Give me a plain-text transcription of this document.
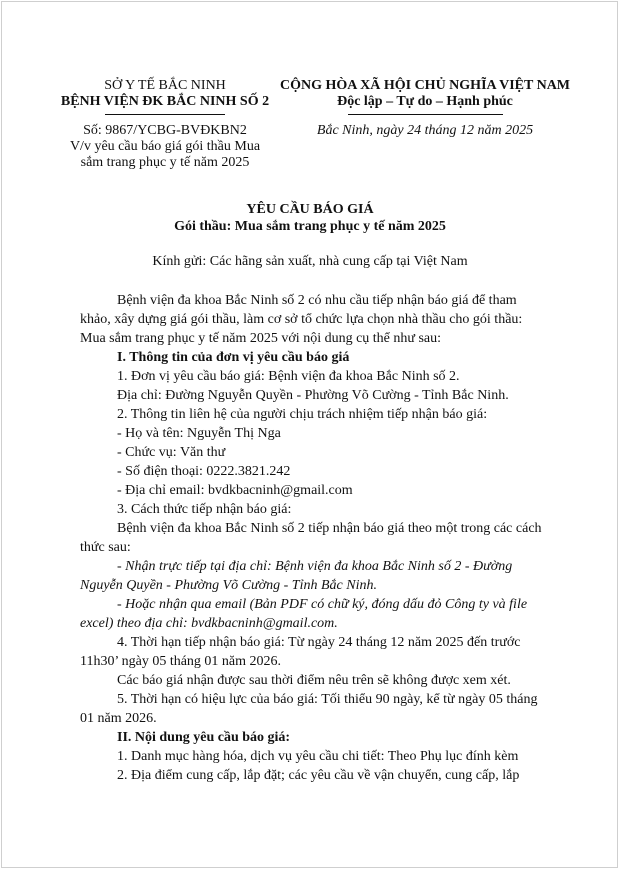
SỞ Y TẾ BẮC NINH
BỆNH VIỆN ĐK BẮC NINH SỐ 2
Số: 9867/YCBG-BVĐKBN2
V/v yêu cầu báo giá gói thầu Mua
sắm trang phục y tế năm 2025
CỘNG HÒA XÃ HỘI CHỦ NGHĨA VIỆT NAM
Độc lập – Tự do – Hạnh phúc
Bắc Ninh, ngày 24 tháng 12 năm 2025
YÊU CẦU BÁO GIÁ
Gói thầu: Mua sắm trang phục y tế năm 2025
Kính gửi: Các hãng sản xuất, nhà cung cấp tại Việt Nam

Bệnh viện đa khoa Bắc Ninh số 2 có nhu cầu tiếp nhận báo giá để tham khảo, xây dựng giá gói thầu, làm cơ sở tổ chức lựa chọn nhà thầu cho gói thầu: Mua sắm trang phục y tế năm 2025 với nội dung cụ thể như sau:

I. Thông tin của đơn vị yêu cầu báo giá

1. Đơn vị yêu cầu báo giá: Bệnh viện đa khoa Bắc Ninh số 2.

Địa chỉ: Đường Nguyễn Quyền - Phường Võ Cường - Tỉnh Bắc Ninh.

2. Thông tin liên hệ của người chịu trách nhiệm tiếp nhận báo giá:

- Họ và tên: Nguyễn Thị Nga

- Chức vụ: Văn thư

- Số điện thoại: 0222.3821.242

- Địa chỉ email: bvdkbacninh@gmail.com

3. Cách thức tiếp nhận báo giá:

Bệnh viện đa khoa Bắc Ninh số 2 tiếp nhận báo giá theo một trong các cách thức sau:

- Nhận trực tiếp tại địa chỉ: Bệnh viện đa khoa Bắc Ninh số 2 - Đường Nguyễn Quyền - Phường Võ Cường - Tỉnh Bắc Ninh.

- Hoặc nhận qua email (Bản PDF có chữ ký, đóng dấu đỏ Công ty và file excel) theo địa chỉ: bvdkbacninh@gmail.com.

4. Thời hạn tiếp nhận báo giá: Từ ngày 24 tháng 12 năm 2025 đến trước 11h30’ ngày 05 tháng 01 năm 2026.

Các báo giá nhận được sau thời điểm nêu trên sẽ không được xem xét.

5. Thời hạn có hiệu lực của báo giá: Tối thiểu 90 ngày, kể từ ngày 05 tháng 01 năm 2026.

II. Nội dung yêu cầu báo giá:

1. Danh mục hàng hóa, dịch vụ yêu cầu chi tiết: Theo Phụ lục đính kèm

2. Địa điểm cung cấp, lắp đặt; các yêu cầu về vận chuyển, cung cấp, lắp
